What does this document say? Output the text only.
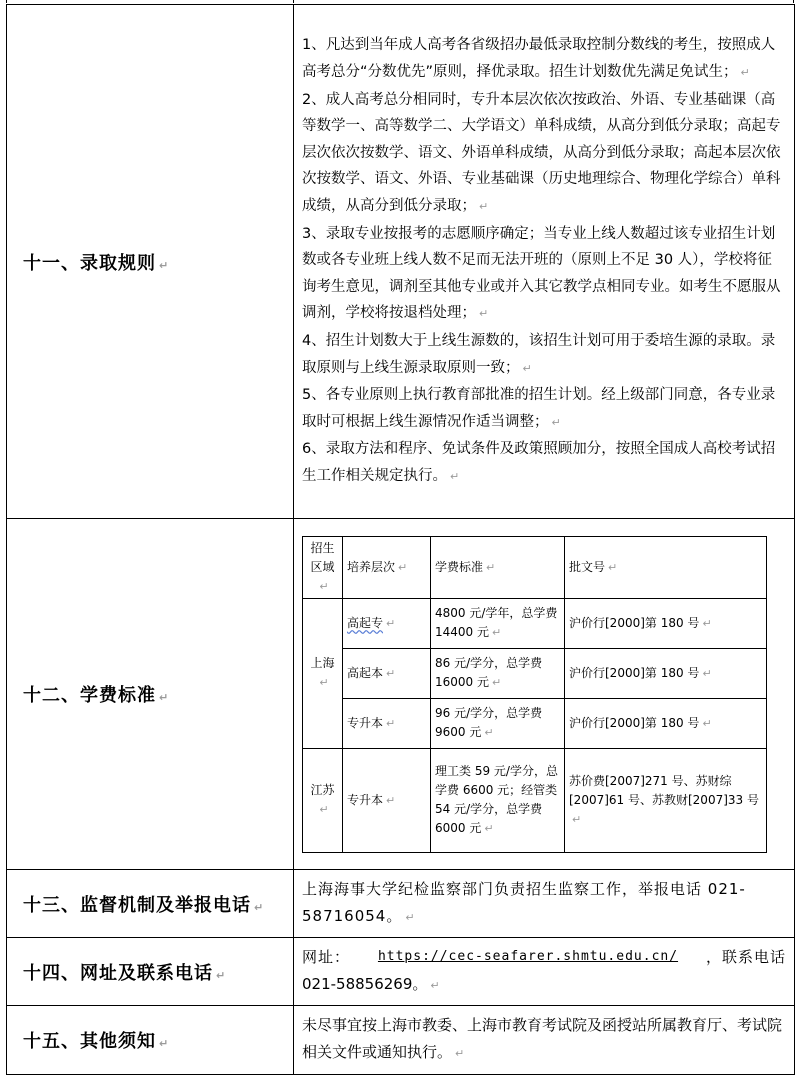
十一、录取规则 ↵	

1、凡达到当年成人高考各省级招办最低录取控制分数线的考生，按照成人高考总分“分数优先”原则，择优录取。招生计划数优先满足免试生； ↵

2、成人高考总分相同时，专升本层次依次按政治、外语、专业基础课（高等数学一、高等数学二、大学语文）单科成绩，从高分到低分录取；高起专层次依次按数学、语文、外语单科成绩，从高分到低分录取；高起本层次依次按数学、语文、外语、专业基础课（历史地理综合、物理化学综合）单科成绩，从高分到低分录取； ↵

3、录取专业按报考的志愿顺序确定；当专业上线人数超过该专业招生计划数或各专业班上线人数不足而无法开班的（原则上不足 30 人），学校将征询考生意见，调剂至其他专业或并入其它教学点相同专业。如考生不愿服从调剂，学校将按退档处理； ↵

4、招生计划数大于上线生源数的，该招生计划可用于委培生源的录取。录取原则与上线生源录取原则一致； ↵

5、各专业原则上执行教育部批准的招生计划。经上级部门同意，各专业录取时可根据上线生源情况作适当调整； ↵

6、录取方法和程序、免试条件及政策照顾加分，按照全国成人高校考试招生工作相关规定执行。 ↵

十二、学费标准 ↵	
招生区域↵	培养层次 ↵	学费标准 ↵	批文号 ↵
上海↵	高起专 ↵	4800 元/学年，总学费 14400 元 ↵	沪价行[2000]第 180 号 ↵
高起本 ↵	86 元/学分，总学费 16000 元 ↵	沪价行[2000]第 180 号 ↵
专升本 ↵	96 元/学分，总学费 9600 元 ↵	沪价行[2000]第 180 号 ↵
江苏↵	专升本 ↵	理工类 59 元/学分，总学费 6600 元；经管类 54 元/学分，总学费 6000 元 ↵	苏价费[2007]271 号、苏财综[2007]61 号、苏教财[2007]33 号↵

十三、监督机制及举报电话 ↵	上海海事大学纪检监察部门负责招生监察工作，举报电话 021-58716054。 ↵
十四、网址及联系电话 ↵	
网址： https://cec-seafarer.shmtu.edu.cn/ ，联系电话
021-58856269。 ↵

十五、其他须知 ↵	未尽事宜按上海市教委、上海市教育考试院及函授站所属教育厅、考试院相关文件或通知执行。 ↵
